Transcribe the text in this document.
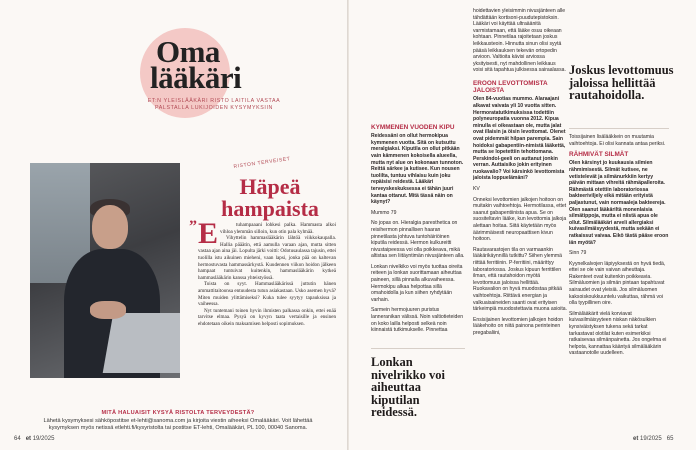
Oma
lääkäri
ET:N YLEISLÄÄKÄRI RISTO LAITILA VASTAA PALSTALLA LUKIJOIDEN KYSYMYKSIIN
RISTON TERVEISET
Häpeä hampaista
” E	tuhampaaani lohkesi palka. Hammasta alkoi vihloa ylemmän silloin, kun otin pala kylmää.

Vihyttelin hammaslääkärin lähtöä viikkokaupalla. Hallia pääätin, että aamulla varaan ajan, mutta sitten vastaa ajan aina jäi. Lopulta järki voitti: Odotusaulassa tajusin, ettei tuolilla istu aikuinen mieheni, vaan lapsi, jonka pää on kaltevan hermostuvasta hammassärkystä. Kuudennen viikon hoidon jälkeen hampaat tuntuivat kuitenkin, hammaslääkärin kytkeä hammaslääkärin kanssa yhteistyössä.

Toista on syyt. Hammaslääkärissä juttutin hänen ammattitaitoonsa entuudesta tutun asiakastaan. Usko asemen hyvä? Miten muiden ylittämiseksi? Kuka tulee syytyy tapauksissa ja vaiheessa.

Nyt tuntemani toinen hyvin ihmisten palkassa onkin, ettei enää tarvitse elmaa. Pysyä on kyvyn taata vertaisille ja ensinen ehdotetaan oikein maksamisen helposti sopimuksen.

MITÄ HALUAISIT KYSYÄ RISTOLTA TERVEYDESTÄ?
Lähetä kysymyksesi sähköpostitse et-lehti@sanoma.com ja kirjoita viestin aiheeksi Omalääkäri. Voit lähettää kysymyksen myös netissä etlehti.fi/kysyristolta tai postitse ET-lehti, Omalääkäri, PL 100, 00040 Sanoma.
64 et 19/2025
KYMMENEN VUODEN KIPU

Reidessäni on ollut hermokipua kymmenen vuotta. Sitä on kutsuttu meralgiaksi. Kiputila on ollut pitkään vain kämmenen kokoisella alueella, mutta nyt alue on kokonaan tunnoton. Reittä särkee ja kutisee. Kun nousen tuolilta, tuntuu vihlaisu kuin joku repäisisi reidestä. Lääkäri terveyskeskuksessa ei tähän juuri kantaa ottanut. Mitä tässä näin on käynyt?

Mummo 79

No jopas on. Hieralgia paresthetica on reisihermon pinnallisen haaran pinnetilasta johtuva tuntohäiriöinen kiputila reidessä. Hermon kulkureitti nivustaipeessa voi olla poikkeava, mikä altistaa sen liitäyntimän nivusjänteen alla.

Lonkan nivelkiko voi myös tuottaa oireita reiteen ja lonkan suorittamaan aiheuttaa paineen, sillä pinnalla alkuvaiheessa. Hermokipu alkaa helpottaa sillä omahoidolla ja kun siihen ryhdytään varhain.

Sarmein hermojuuren puristus lanneranikan välissä. Noin valtiotieteiden on koko lailla helposti selkeä noin kiinnaistä tutkimukselle. Pinnettaa

Lonkan nivelrikko voi aiheuttaa kiputilan reidessä.

hoidettavien yleisimmin nivusjänteen alle tähdättään kortisoni-puudutepistoksin. Lääkäri voi käyttää ultraäänitä varmistamaan, että lääke osuu oikeaan kohtaan. Pinnetilaa rajoitetaan joskus leikkausteoin. Hinnutta sinun olisi syytä pääsä leikkauksen tekevän ortopedin arvioon. Valtioita kävisi arviossa yksityisesti, nyt mahdollinen leikkaus voisi sitä tapahtua julkisessa sairaalassa.

EROON LEVOTTOMISTA JALOISTA

Olen 84-vuotias mummo. Alaraajani alkavat vaivata yli 10 vuotta sitten. Hermoratatutkimuksissa todettiin polyneuropatia vuonna 2012. Kipua minulla ei oikeastaan ole, mutta jalat ovat illaisin ja öisin levottomat. Olenet ovat pidemmät hilpan parempia. Sain hoidoksi gabapentiin-nimistä lääkettä, mutta se lopetettiin tehottomana. Perskindol-geeli on auttanut jonkin verran. Auttaisiko jokin erityinen ruokavalio? Voi kärsinkö levottomista jaloista loppuelämäni?

KV

Onneksi levottomien jalkojen hoitoon on muitakin vaihtoehtoja. Hermotilassa, ettet saanut gabapentiinista apua. Se on suositeltavin lääke, kun levottomia jalkoja alettaan hoitaa. Siitä käytetään myös äärimmäisesti neuropaattisen kivun hoitoon.

Rautavarastojen tila on varmaankin lääkärikäynnillä tutkittu? Siihen ylemmä riittää ferritiinin. P-ferritiini, määrittyy laboratoriossa. Joskus kipuun ferrittilen ilman, että rautahoidon myötä levottomuus jaloissa hellittää. Ruokavalion on hyvä muodostaa pitkää vaihtoehtoja. Riittävä energian ja valkuaisaineiden saanti ovat erityisen tärkeimpiä muodostettavia muona asioita.

Ensisijainen levottomien jalkojen hoidon lääkehoito on niitä painona perinteinen pregabaliini,

Joskus levottomuus jaloissa hellittää rautahoidolla.

Toissijainen lisälääkkein on muutamia vaihtoehtoja. Ei olisi kannata antaa periksi.

RÄHMIVÄT SILMÄT

Olen kärsinyt jo kuukausia silmien rähmimisestä. Silmät kutisee, ne vetistelevät ja silmänurkkiin kertyy päivän mittaan vihreitä rähmäpalleroita. Rähmästä otettiin laboratoriossa bakteeriviljely eikä mitään erityistä paljastunut, vain normaaleja bakteereja. Olen saanut lääkäriltä monenlaisia silmätippoja, mutta ei niistä apua ole ollut. Silmälääkäri arveli allergiaksi kuivasilmäisyydestä, mutta sekään ei ratkaissut vaivaa. Eikö tästä pääse eroon iän myötä?

Sinn 79

Kyynelkalvojen läpiyyksestä on hyvä tiedä, ettei se ole vain vaivan aiheuttaja. Rakenteet ovat kuitenkin poikkeavia. Silmäluomien ja silmän pintaan tapahtuvat sairaudet ovat yleisiä. Jos silmäluomen kaksoiskoukkuuntelu vaikuttaa, rähmä voi olla tyypillinen oire.

Silmälääkärit vielä korviavat kuivasilmäisyyteen niskan näkösulkien kynsiväistyksen tukena sekä tarkat tarkastavat olotilat kuten esimerkiksi ratkaisevaa silmänpainetta. Jos ongelma ei helpota, kannattaa kääntyä silmälääkärin vastaanotolle uudelleen.

et 19/2025 65
